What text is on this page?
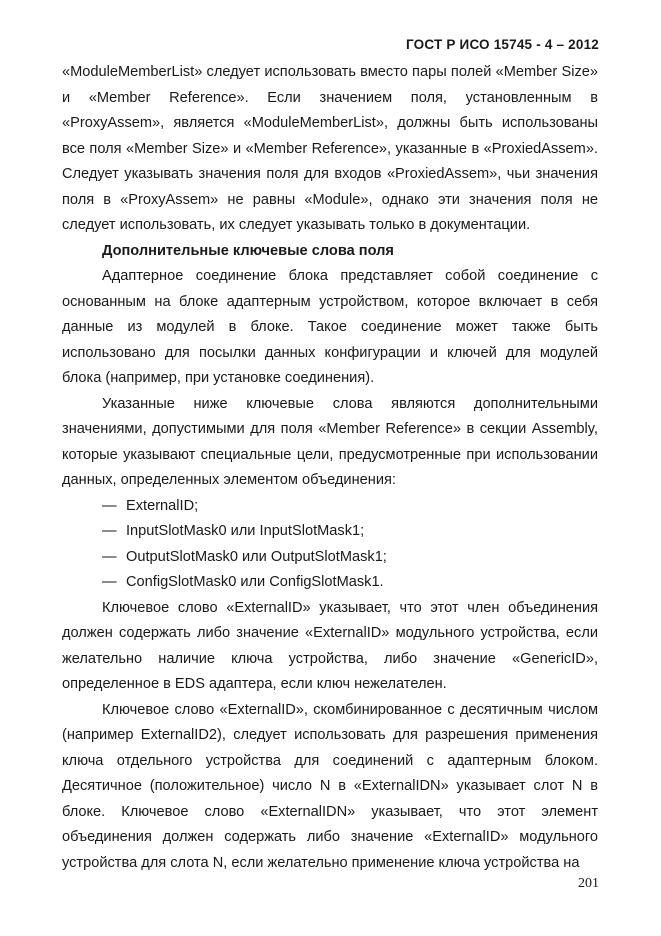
ГОСТ Р ИСО 15745 - 4 – 2012

«ModuleMemberList» следует использовать вместо пары полей «Member Size» и «Member Reference». Если значением поля, установленным в «ProxyAssem», является «ModuleMemberList», должны быть использованы все поля «Member Size» и «Member Reference», указанные в «ProxiedAssem». Следует указывать значения поля для входов «ProxiedAssem», чьи значения поля в «ProxyAssem» не равны «Module», однако эти значения поля не следует использовать, их следует указывать только в документации.

Дополнительные ключевые слова поля

Адаптерное соединение блока представляет собой соединение с основанным на блоке адаптерным устройством, которое включает в себя данные из модулей в блоке. Такое соединение может также быть использовано для посылки данных конфигурации и ключей для модулей блока (например, при установке соединения).

Указанные ниже ключевые слова являются дополнительными значениями, допустимыми для поля «Member Reference» в секции Assembly, которые указывают специальные цели, предусмотренные при использовании данных, определенных элементом объединения:

— ExternalID;

— InputSlotMask0 или InputSlotMask1;

— OutputSlotMask0 или OutputSlotMask1;

— ConfigSlotMask0 или ConfigSlotMask1.

Ключевое слово «ExternalID» указывает, что этот член объединения должен содержать либо значение «ExternalID» модульного устройства, если желательно наличие ключа устройства, либо значение «GenericID», определенное в EDS адаптера, если ключ нежелателен.

Ключевое слово «ExternalID», скомбинированное с десятичным числом (например ExternalID2), следует использовать для разрешения применения ключа отдельного устройства для соединений с адаптерным блоком. Десятичное (положительное) число N в «ExternalIDN» указывает слот N в блоке. Ключевое слово «ExternalIDN» указывает, что этот элемент объединения должен содержать либо значение «ExternalID» модульного устройства для слота N, если желательно применение ключа устройства на

201
